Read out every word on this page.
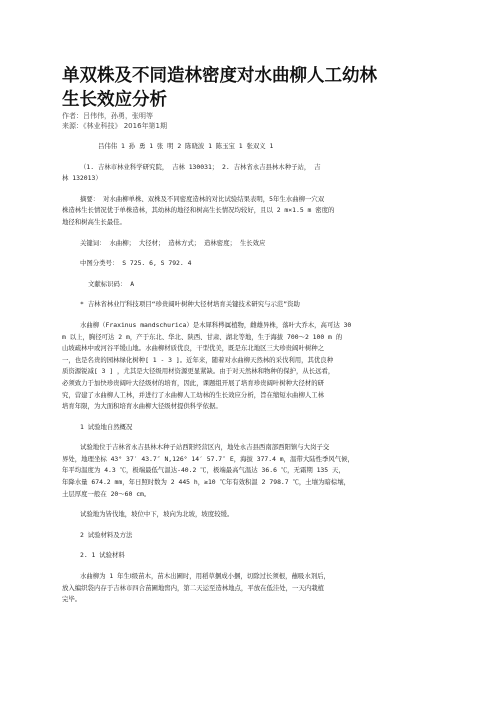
单双株及不同造林密度对水曲柳人工幼林
生长效应分析
作者：吕伟伟，孙勇，张明等
来源：《林业科技》 2016年第1期

吕伟伟 1 孙 勇 1 张 明 2 陈晓波 1 陈玉宝 1 张双义 1

（1. 吉林市林业科学研究院， 吉林 130031； 2. 吉林省永吉县林木种子站， 吉

林 132013）

摘要： 对水曲柳单株、双株及不同密度造林的对比试验结果表明，5年生水曲柳一穴双

株造林生长情况优于单株造林，其幼林的地径和树高生长情况均较好，且以 2 m×1.5 m 密度的

地径和树高生长最佳。

关键词： 水曲柳； 大径材； 造林方式； 造林密度； 生长效应

中图分类号： S 725. 6, S 792. 4

文献标识码： A

* 吉林省林业厅科技项目“珍贵阔叶树种大径材培育关键技术研究与示范”资助

水曲柳（Fraxinus mandschurica）是木犀科梣属植物，雌雄异株，落叶大乔木，高可达 30

m 以上，胸径可达 2 m，产于东北、华北、陕西、甘肃、湖北等地，生于海拔 700～2 100 m 的

山坡疏林中或河谷平缓山地。水曲柳材质优良，干型优美，既是东北地区三大珍贵阔叶树种之

一，也是名贵的园林绿化树种[ 1 - 3 ]。近年来，随着对水曲柳天然林的采伐利用，其优良种

质资源锐减[ 3 ] ，尤其是大径级用材资源更显紧缺。由于对天然林和物种的保护，从长远看，

必须致力于加快珍贵阔叶大径级材的培育，因此，课题组开展了培育珍贵阔叶树种大径材的研

究，营建了水曲柳人工林，并进行了水曲柳人工幼林的生长效应分析，旨在缩短水曲柳人工林

培育年限，为大面积培育水曲柳大径级材提供科学依据。

1 试验地自然概况

试验地位于吉林省永吉县林木种子站西阳经营区内，地处永吉县西南部西阳镇与大岗子交

界处，地理坐标 43° 37′ 43.7″ N,126° 14′ 57.7″ E，海拔 377.4 m，温带大陆性季风气候，

年平均温度为 4.3 ℃，极端最低气温达-40.2 ℃，极端最高气温达 36.6 ℃，无霜期 135 天，

年降水量 674.2 mm，年日照时数为 2 445 h，≥10 ℃年有效积温 2 798.7 ℃，土壤为暗棕壤，

土层厚度一般在 20～60 cm。

试验地为皆伐地，坡位中下，坡向为北坡，坡度较缓。

2 试验材料及方法

2. 1 试验材料

水曲柳为 1 年生Ⅰ级苗木，苗木出圃时，用稻草捆成小捆，切除过长须根，蘸吸水剂后，

放入编织袋内存于吉林市四合苗圃地窖内，第二天运至造林地点，平放在低洼处，一天内栽植

完毕。
